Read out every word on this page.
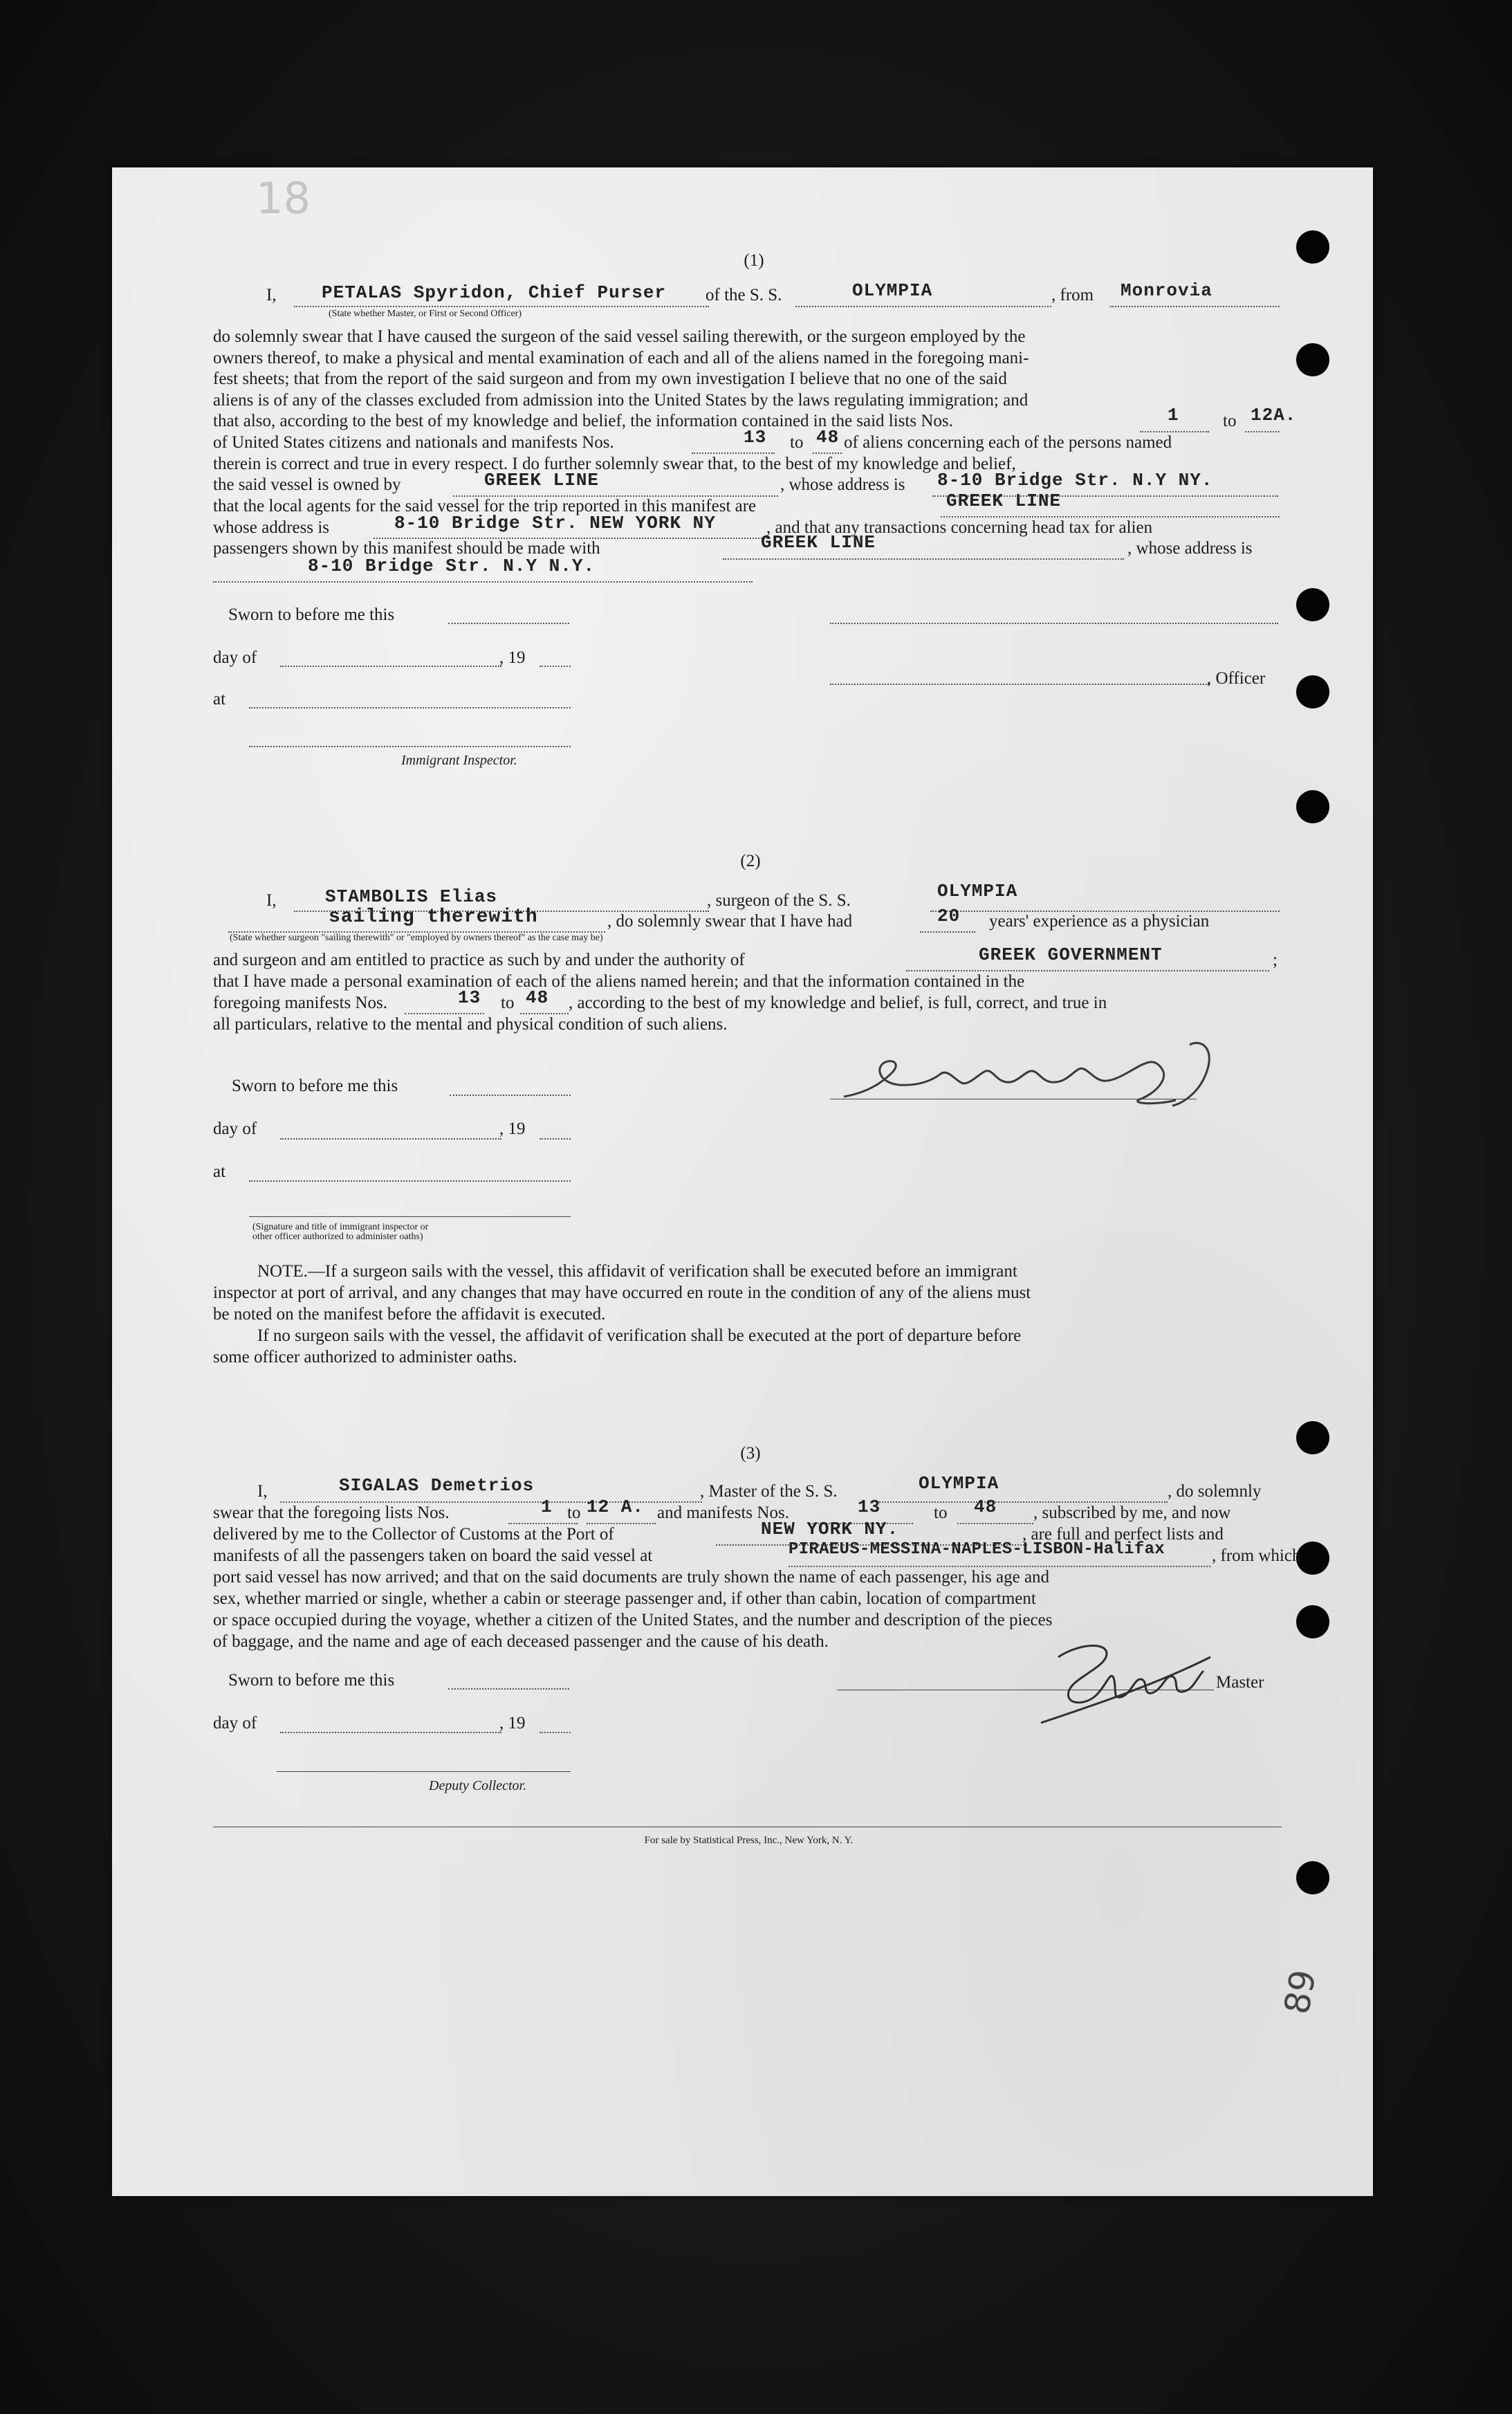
18
89
(1)
I,	PETALAS Spyridon, Chief Purser
(State whether Master, or First or Second Officer)
of the S. S.	OLYMPIA	, from Monrovia
do solemnly swear that I have caused the surgeon of the said vessel sailing therewith, or the surgeon employed by the
owners thereof, to make a physical and mental examination of each and all of the aliens named in the foregoing mani-
fest sheets; that from the report of the said surgeon and from my own investigation I believe that no one of the said
aliens is of any of the classes excluded from admission into the United States by the laws regulating immigration; and
that also, according to the best of my knowledge and belief, the information contained in the said lists Nos.	1	to 12A.
of United States citizens and nationals and manifests Nos.	13 to 48 of aliens concerning each of the persons named
therein is correct and true in every respect. I do further solemnly swear that, to the best of my knowledge and belief,
the said vessel is owned by	GREEK LINE	, whose address is 8-10 Bridge Str. N.Y NY.
that the local agents for the said vessel for the trip reported in this manifest are	GREEK LINE
whose address is	8-10 Bridge Str. NEW YORK NY	, and that any transactions concerning head tax for alien
passengers shown by this manifest should be made with	GREEK LINE	, whose address is
8-10 Bridge Str. N.Y N.Y.
Sworn to before me this
day of	, 19
, Officer
at
Immigrant Inspector.
(2)
I,	STAMBOLIS Elias	, surgeon of the S. S.	OLYMPIA
sailing therewith	, do solemnly swear that I have had	20 years' experience as a physician
(State whether surgeon "sailing therewith" or "employed by owners thereof" as the case may be)
and surgeon and am entitled to practice as such by and under the authority of	GREEK GOVERNMENT	;
that I have made a personal examination of each of the aliens named herein; and that the information contained in the
foregoing manifests Nos.	13 to 48 , according to the best of my knowledge and belief, is full, correct, and true in
all particulars, relative to the mental and physical condition of such aliens.
Sworn to before me this
day of	, 19
at
(Signature and title of immigrant inspector or
other officer authorized to administer oaths)
NOTE.—If a surgeon sails with the vessel, this affidavit of verification shall be executed before an immigrant
inspector at port of arrival, and any changes that may have occurred en route in the condition of any of the aliens must
be noted on the manifest before the affidavit is executed.
If no surgeon sails with the vessel, the affidavit of verification shall be executed at the port of departure before
some officer authorized to administer oaths.
(3)
I,	SIGALAS Demetrios	, Master of the S. S.	OLYMPIA	, do solemnly
swear that the foregoing lists Nos.	1 to 12 A. and manifests Nos.	13	to 48 , subscribed by me, and now
delivered by me to the Collector of Customs at the Port of	NEW YORK NY.	, are full and perfect lists and
manifests of all the passengers taken on board the said vessel at	PIRAEUS-MESSINA-NAPLES-LISBON-Halifax	, from which
port said vessel has now arrived; and that on the said documents are truly shown the name of each passenger, his age and
sex, whether married or single, whether a cabin or steerage passenger and, if other than cabin, location of compartment
or space occupied during the voyage, whether a citizen of the United States, and the number and description of the pieces
of baggage, and the name and age of each deceased passenger and the cause of his death.
Sworn to before me this	Master
day of	, 19
Deputy Collector.
For sale by Statistical Press, Inc., New York, N. Y.
